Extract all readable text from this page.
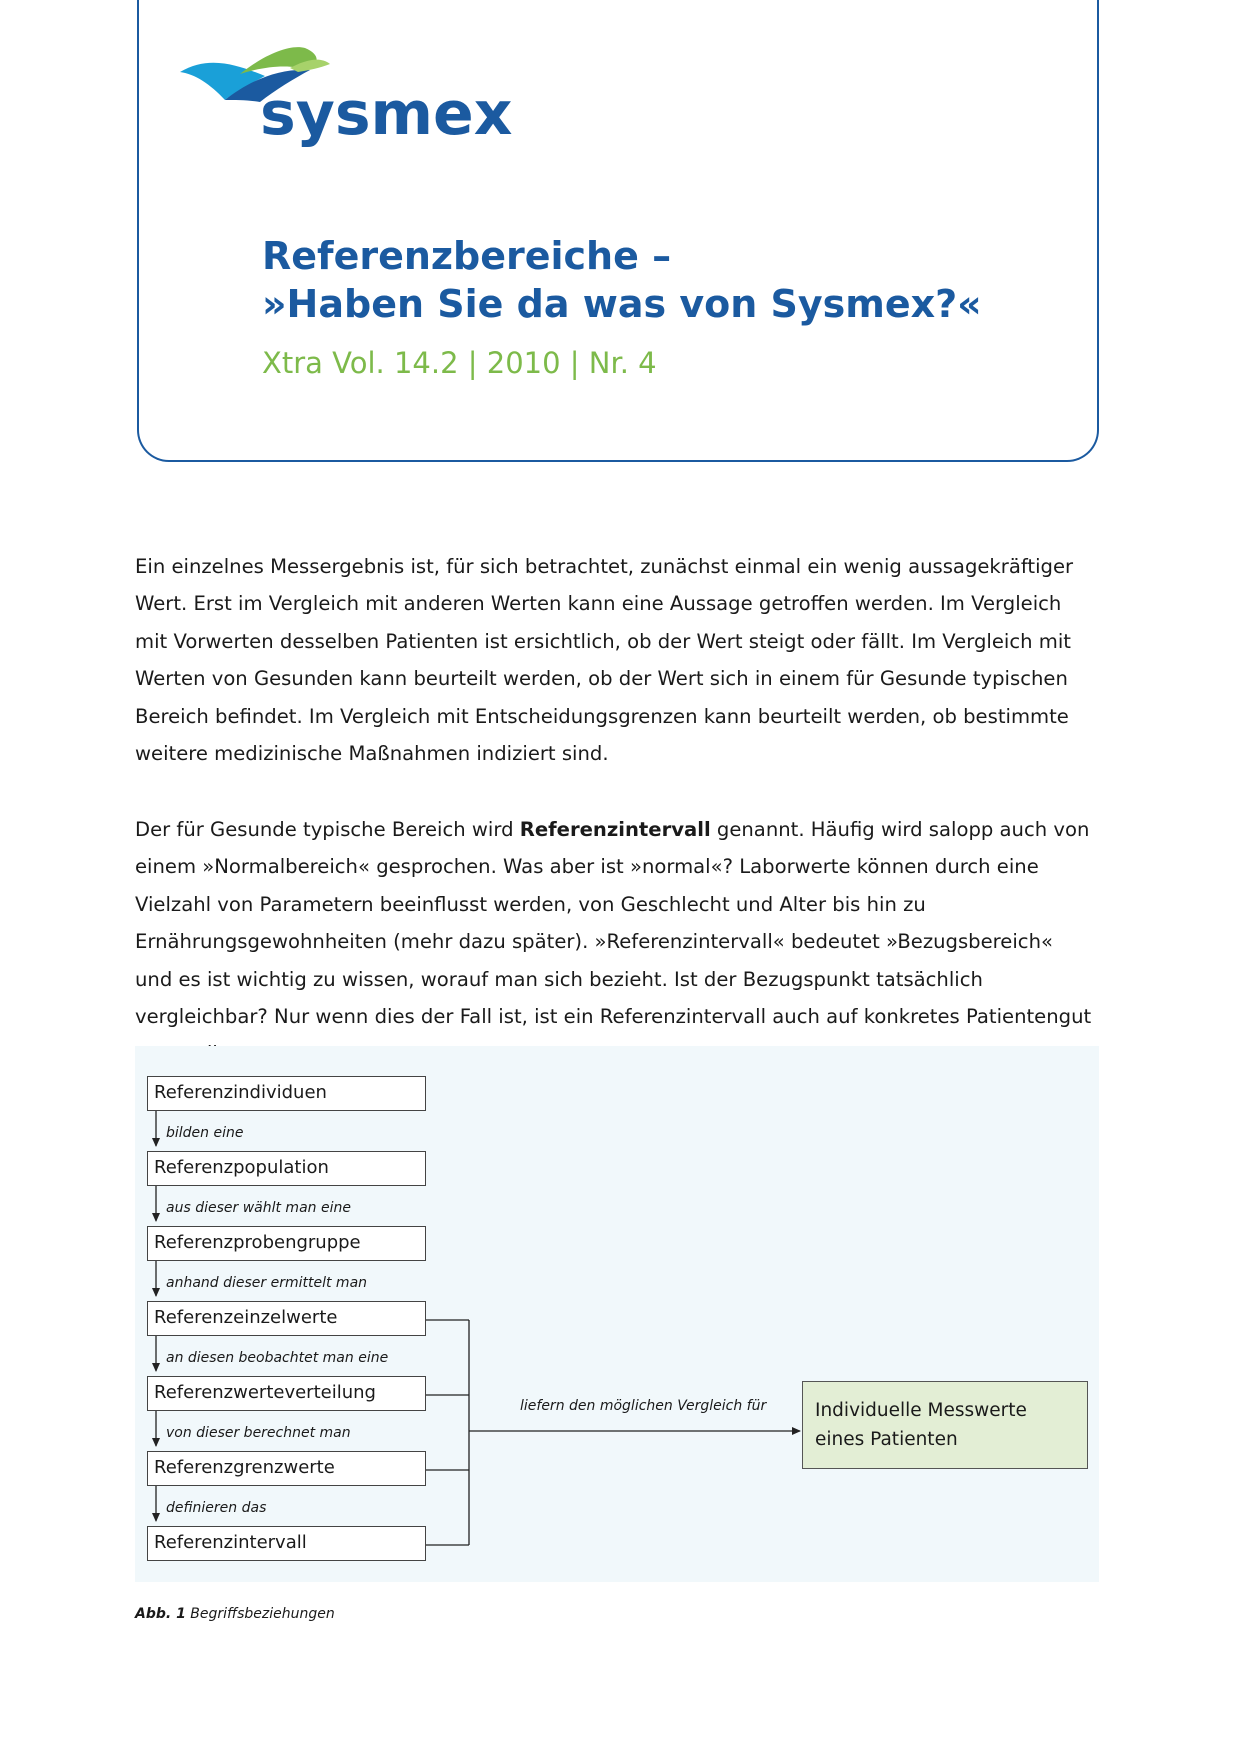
sysmex
Referenzbereiche –
»Haben Sie da was von Sysmex?«
Xtra Vol. 14.2 | 2010 | Nr. 4

Ein einzelnes Messergebnis ist, für sich betrachtet, zunächst einmal ein wenig aussagekräftiger Wert. Erst im Vergleich mit anderen Werten kann eine Aussage getroffen werden. Im Vergleich mit Vorwerten desselben Patienten ist ersichtlich, ob der Wert steigt oder fällt. Im Vergleich mit Werten von Gesunden kann beurteilt werden, ob der Wert sich in einem für Gesunde typischen Bereich befindet. Im Vergleich mit Entscheidungsgrenzen kann beurteilt werden, ob bestimmte weitere medizinische Maßnahmen indiziert sind.

Der für Gesunde typische Bereich wird Referenzintervall genannt. Häufig wird salopp auch von einem »Normalbereich« gesprochen. Was aber ist »normal«? Laborwerte können durch eine Vielzahl von Parametern beeinflusst werden, von Geschlecht und Alter bis hin zu Ernährungsgewohnheiten (mehr dazu später). »Referenzintervall« bedeutet »Bezugsbereich« und es ist wichtig zu wissen, worauf man sich bezieht. Ist der Bezugspunkt tatsächlich vergleichbar? Nur wenn dies der Fall ist, ist ein Referenzintervall auch auf konkretes Patientengut

Referenzindividuen
bilden eine
Referenzpopulation
aus dieser wählt man eine
Referenzprobengruppe
anhand dieser ermittelt man
Referenzeinzelwerte
an diesen beobachtet man eine
Referenzwerteverteilung
von dieser berechnet man
Referenzgrenzwerte
definieren das
Referenzintervall
liefern den möglichen Vergleich für	Individuelle Messwerte
eines Patienten
Abb. 1 Begriffsbeziehungen
